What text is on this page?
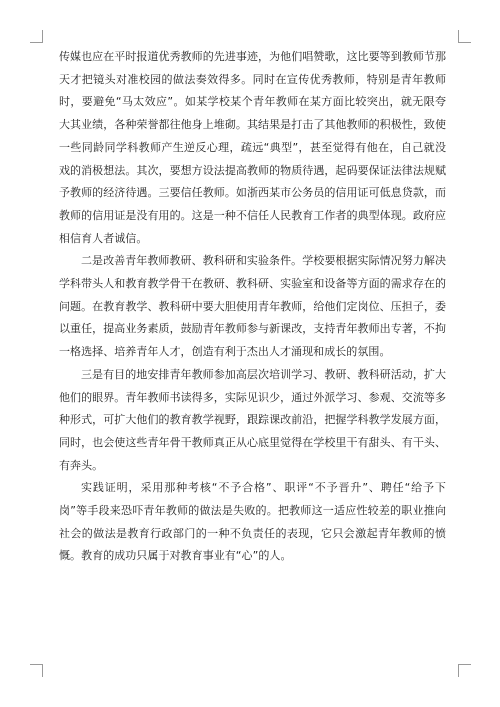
传媒也应在平时报道优秀教师的先进事迹，为他们唱赞歌，这比要等到教师节那天才把镜头对准校园的做法奏效得多。同时在宣传优秀教师，特别是青年教师时，要避免“马太效应”。如某学校某个青年教师在某方面比较突出，就无限夸大其业绩，各种荣誉都往他身上堆砌。其结果是打击了其他教师的积极性，致使一些同龄同学科教师产生逆反心理，疏远“典型”，甚至觉得有他在，自己就没戏的消极想法。其次，要想方设法提高教师的物质待遇，起码要保证法律法规赋予教师的经济待遇。三要信任教师。如浙西某市公务员的信用证可低息贷款，而教师的信用证是没有用的。这是一种不信任人民教育工作者的典型体现。政府应相信育人者诚信。

二是改善青年教师教研、教科研和实验条件。学校要根据实际情况努力解决学科带头人和教育教学骨干在教研、教科研、实验室和设备等方面的需求存在的问题。在教育教学、教科研中要大胆使用青年教师，给他们定岗位、压担子，委以重任，提高业务素质，鼓励青年教师参与新课改，支持青年教师出专著，不拘一格选择、培养青年人才，创造有利于杰出人才涌现和成长的氛围。

三是有目的地安排青年教师参加高层次培训学习、教研、教科研活动，扩大他们的眼界。青年教师书读得多，实际见识少，通过外派学习、参观、交流等多种形式，可扩大他们的教育教学视野，跟踪课改前沿，把握学科教学发展方面，同时，也会使这些青年骨干教师真正从心底里觉得在学校里干有甜头、有干头、有奔头。

实践证明，采用那种考核“不予合格”、职评“不予晋升”、聘任“给予下岗”等手段来恐吓青年教师的做法是失败的。把教师这一适应性较差的职业推向社会的做法是教育行政部门的一种不负责任的表现，它只会激起青年教师的愤慨。教育的成功只属于对教育事业有“心”的人。
